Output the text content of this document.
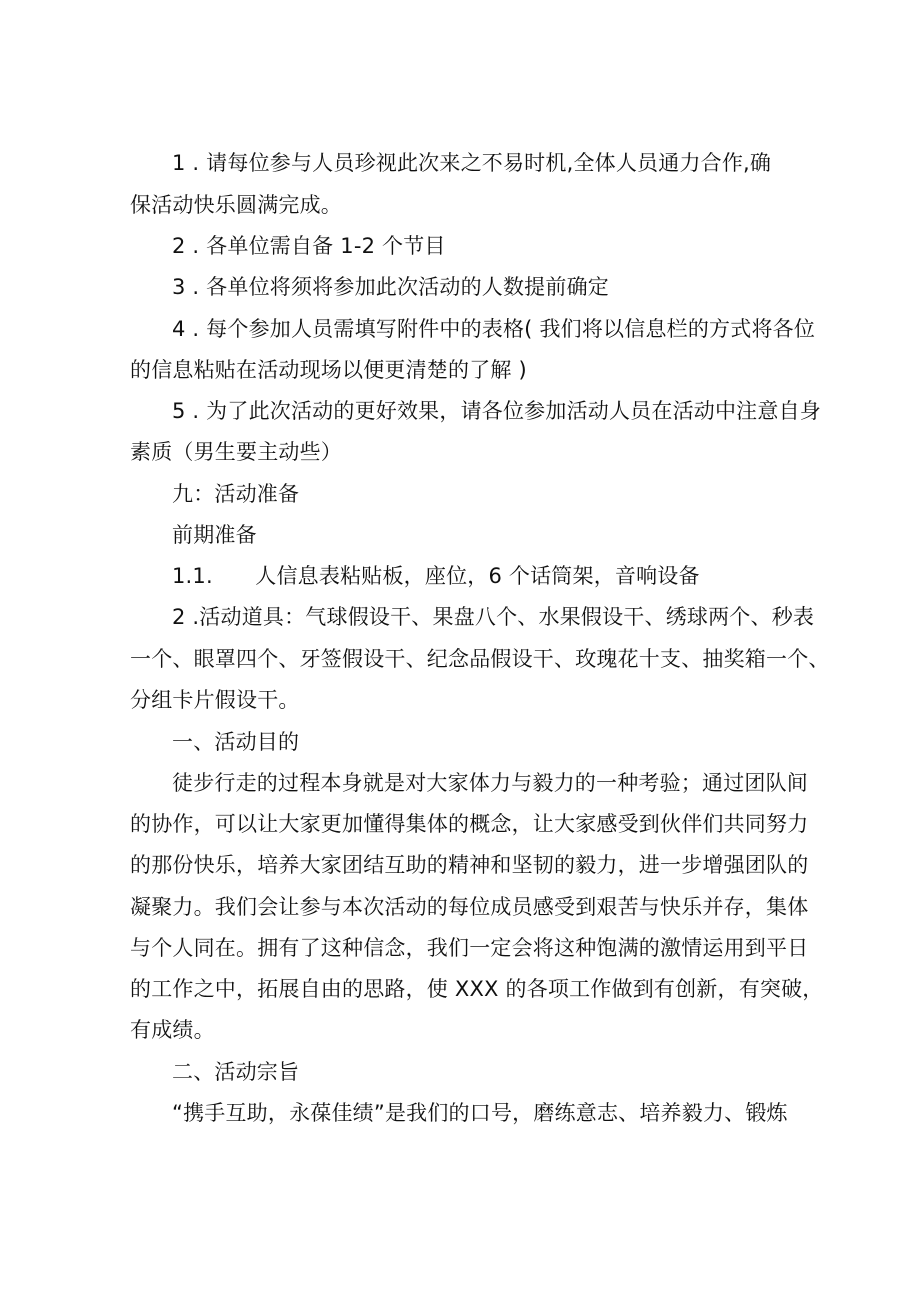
1 . 请每位参与人员珍视此次来之不易时机,全体人员通力合作,确
保活动快乐圆满完成。
2 . 各单位需自备 1-2 个节目
3 . 各单位将须将参加此次活动的人数提前确定
4 . 每个参加人员需填写附件中的表格( 我们将以信息栏的方式将各位
的信息粘贴在活动现场以便更清楚的了解 )
5 . 为了此次活动的更好效果，请各位参加活动人员在活动中注意自身
素质（男生要主动些）
九：活动准备
前期准备
1.1.　　人信息表粘贴板，座位，6 个话筒架，音响设备
2 .活动道具：气球假设干、果盘八个、水果假设干、绣球两个、秒表
一个、眼罩四个、牙签假设干、纪念品假设干、玫瑰花十支、抽奖箱一个、
分组卡片假设干。
一、活动目的
徒步行走的过程本身就是对大家体力与毅力的一种考验；通过团队间
的协作，可以让大家更加懂得集体的概念，让大家感受到伙伴们共同努力
的那份快乐，培养大家团结互助的精神和坚韧的毅力，进一步增强团队的
凝聚力。我们会让参与本次活动的每位成员感受到艰苦与快乐并存，集体
与个人同在。拥有了这种信念，我们一定会将这种饱满的激情运用到平日
的工作之中，拓展自由的思路，使 XXX 的各项工作做到有创新，有突破，
有成绩。
二、活动宗旨
“携手互助，永葆佳绩”是我们的口号，磨练意志、培养毅力、锻炼
